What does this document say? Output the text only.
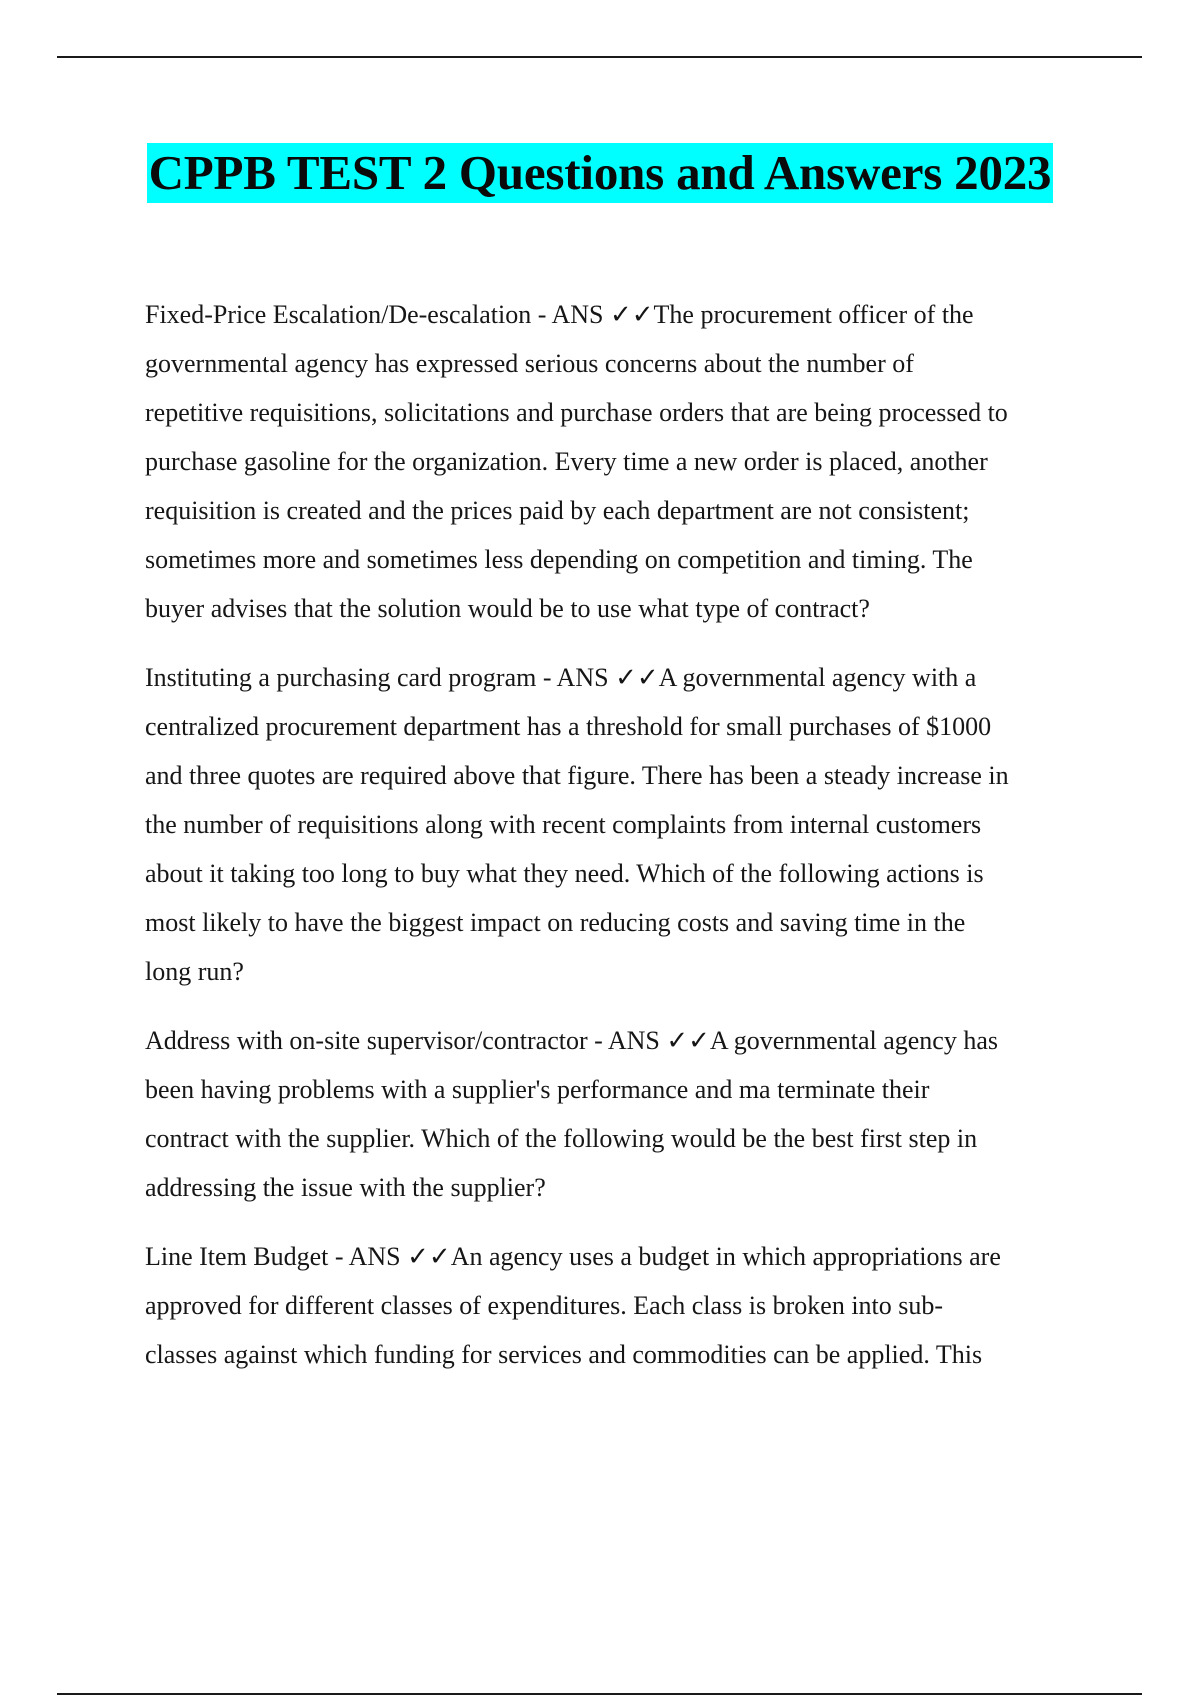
CPPB TEST 2 Questions and Answers 2023
Fixed-Price Escalation/De-escalation - ANS ✓✓The procurement officer of the
governmental agency has expressed serious concerns about the number of
repetitive requisitions, solicitations and purchase orders that are being processed to
purchase gasoline for the organization. Every time a new order is placed, another
requisition is created and the prices paid by each department are not consistent;
sometimes more and sometimes less depending on competition and timing. The
buyer advises that the solution would be to use what type of contract?
Instituting a purchasing card program - ANS ✓✓A governmental agency with a
centralized procurement department has a threshold for small purchases of $1000
and three quotes are required above that figure. There has been a steady increase in
the number of requisitions along with recent complaints from internal customers
about it taking too long to buy what they need. Which of the following actions is
most likely to have the biggest impact on reducing costs and saving time in the
long run?
Address with on-site supervisor/contractor - ANS ✓✓A governmental agency has
been having problems with a supplier's performance and ma terminate their
contract with the supplier. Which of the following would be the best first step in
addressing the issue with the supplier?
Line Item Budget - ANS ✓✓An agency uses a budget in which appropriations are
approved for different classes of expenditures. Each class is broken into sub-
classes against which funding for services and commodities can be applied. This
